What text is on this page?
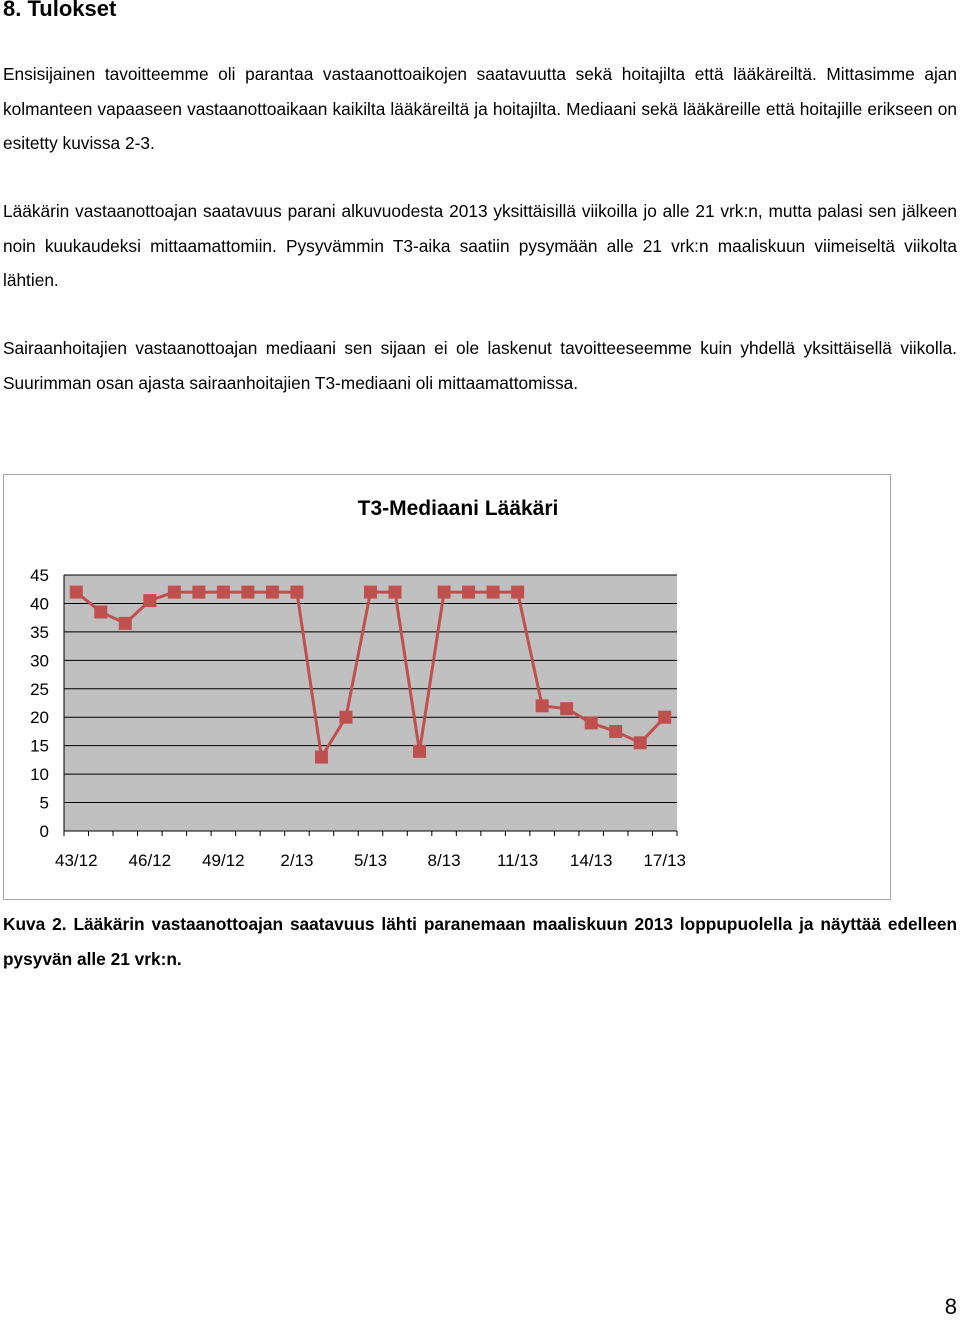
8. Tulokset

Ensisijainen tavoitteemme oli parantaa vastaanottoaikojen saatavuutta sekä hoitajilta että lääkäreiltä. Mittasimme ajan kolmanteen vapaaseen vastaanottoaikaan kaikilta lääkäreiltä ja hoitajilta. Mediaani sekä lääkäreille että hoitajille erikseen on esitetty kuvissa 2-3.

Lääkärin vastaanottoajan saatavuus parani alkuvuodesta 2013 yksittäisillä viikoilla jo alle 21 vrk:n, mutta palasi sen jälkeen noin kuukaudeksi mittaamattomiin. Pysyvämmin T3-aika saatiin pysymään alle 21 vrk:n maaliskuun viimeiseltä viikolta lähtien.

Sairaanhoitajien vastaanottoajan mediaani sen sijaan ei ole laskenut tavoitteeseemme kuin yhdellä yksittäisellä viikolla. Suurimman osan ajasta sairaanhoitajien T3-mediaani oli mittaamattomissa.

T3-Mediaani Lääkäri
0
5
10
15
20
25
30
35
40
45
43/12 46/12 49/12 2/13 5/13 8/13 11/13 14/13 17/13

Kuva 2. Lääkärin vastaanottoajan saatavuus lähti paranemaan maaliskuun 2013 loppupuolella ja näyttää edelleen pysyvän alle 21 vrk:n.

8
